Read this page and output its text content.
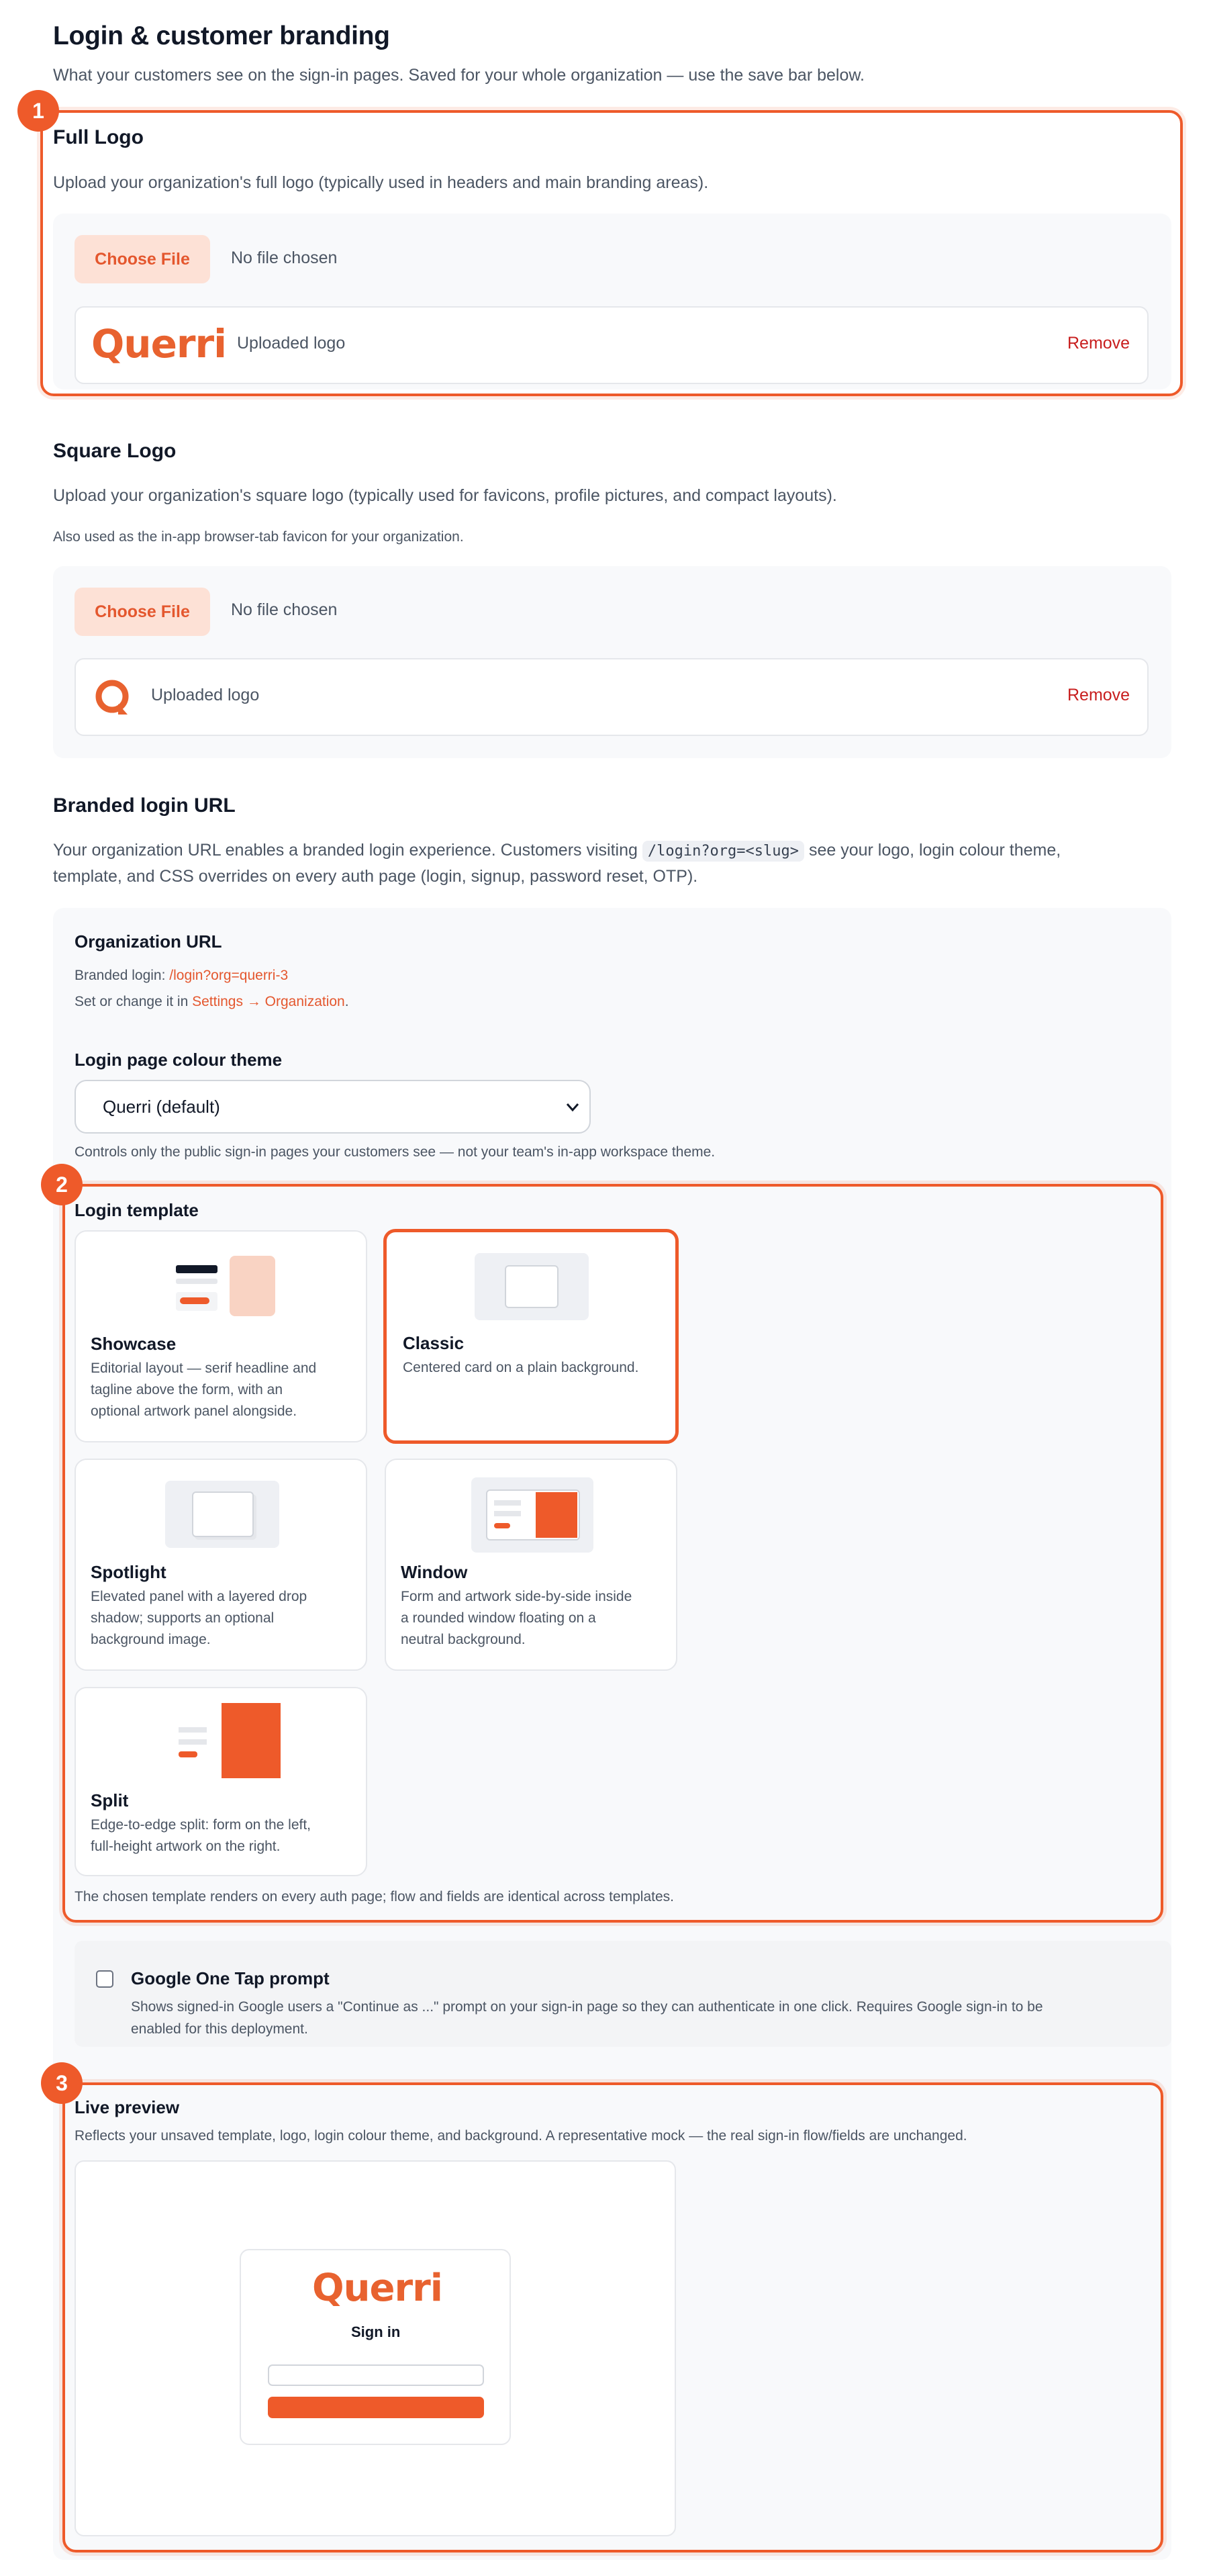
Login & customer branding
What your customers see on the sign-in pages. Saved for your whole organization — use the save bar below.
1
Full Logo
Upload your organization's full logo (typically used in headers and main branding areas).
Choose File	No file chosen
Querri Uploaded logo	Remove
Square Logo
Upload your organization's square logo (typically used for favicons, profile pictures, and compact layouts).
Also used as the in-app browser-tab favicon for your organization.
Choose File	No file chosen
Uploaded logo	Remove
Branded login URL
Your organization URL enables a branded login experience. Customers visiting /login?org=<slug> see your logo, login colour theme,
template, and CSS overrides on every auth page (login, signup, password reset, OTP).
Organization URL
Branded login: /login?org=querri-3
Set or change it in Settings → Organization.
Login page colour theme
Querri (default)
Controls only the public sign-in pages your customers see — not your team's in-app workspace theme.
2
Login template
Showcase
Editorial layout — serif headline and
tagline above the form, with an
optional artwork panel alongside.
Classic
Centered card on a plain background.
Spotlight
Elevated panel with a layered drop
shadow; supports an optional
background image.
Window
Form and artwork side-by-side inside
a rounded window floating on a
neutral background.
Split
Edge-to-edge split: form on the left,
full-height artwork on the right.
The chosen template renders on every auth page; flow and fields are identical across templates.
Google One Tap prompt
Shows signed-in Google users a "Continue as ..." prompt on your sign-in page so they can authenticate in one click. Requires Google sign-in to be
enabled for this deployment.
3
Live preview
Reflects your unsaved template, logo, login colour theme, and background. A representative mock — the real sign-in flow/fields are unchanged.
Querri
Sign in
